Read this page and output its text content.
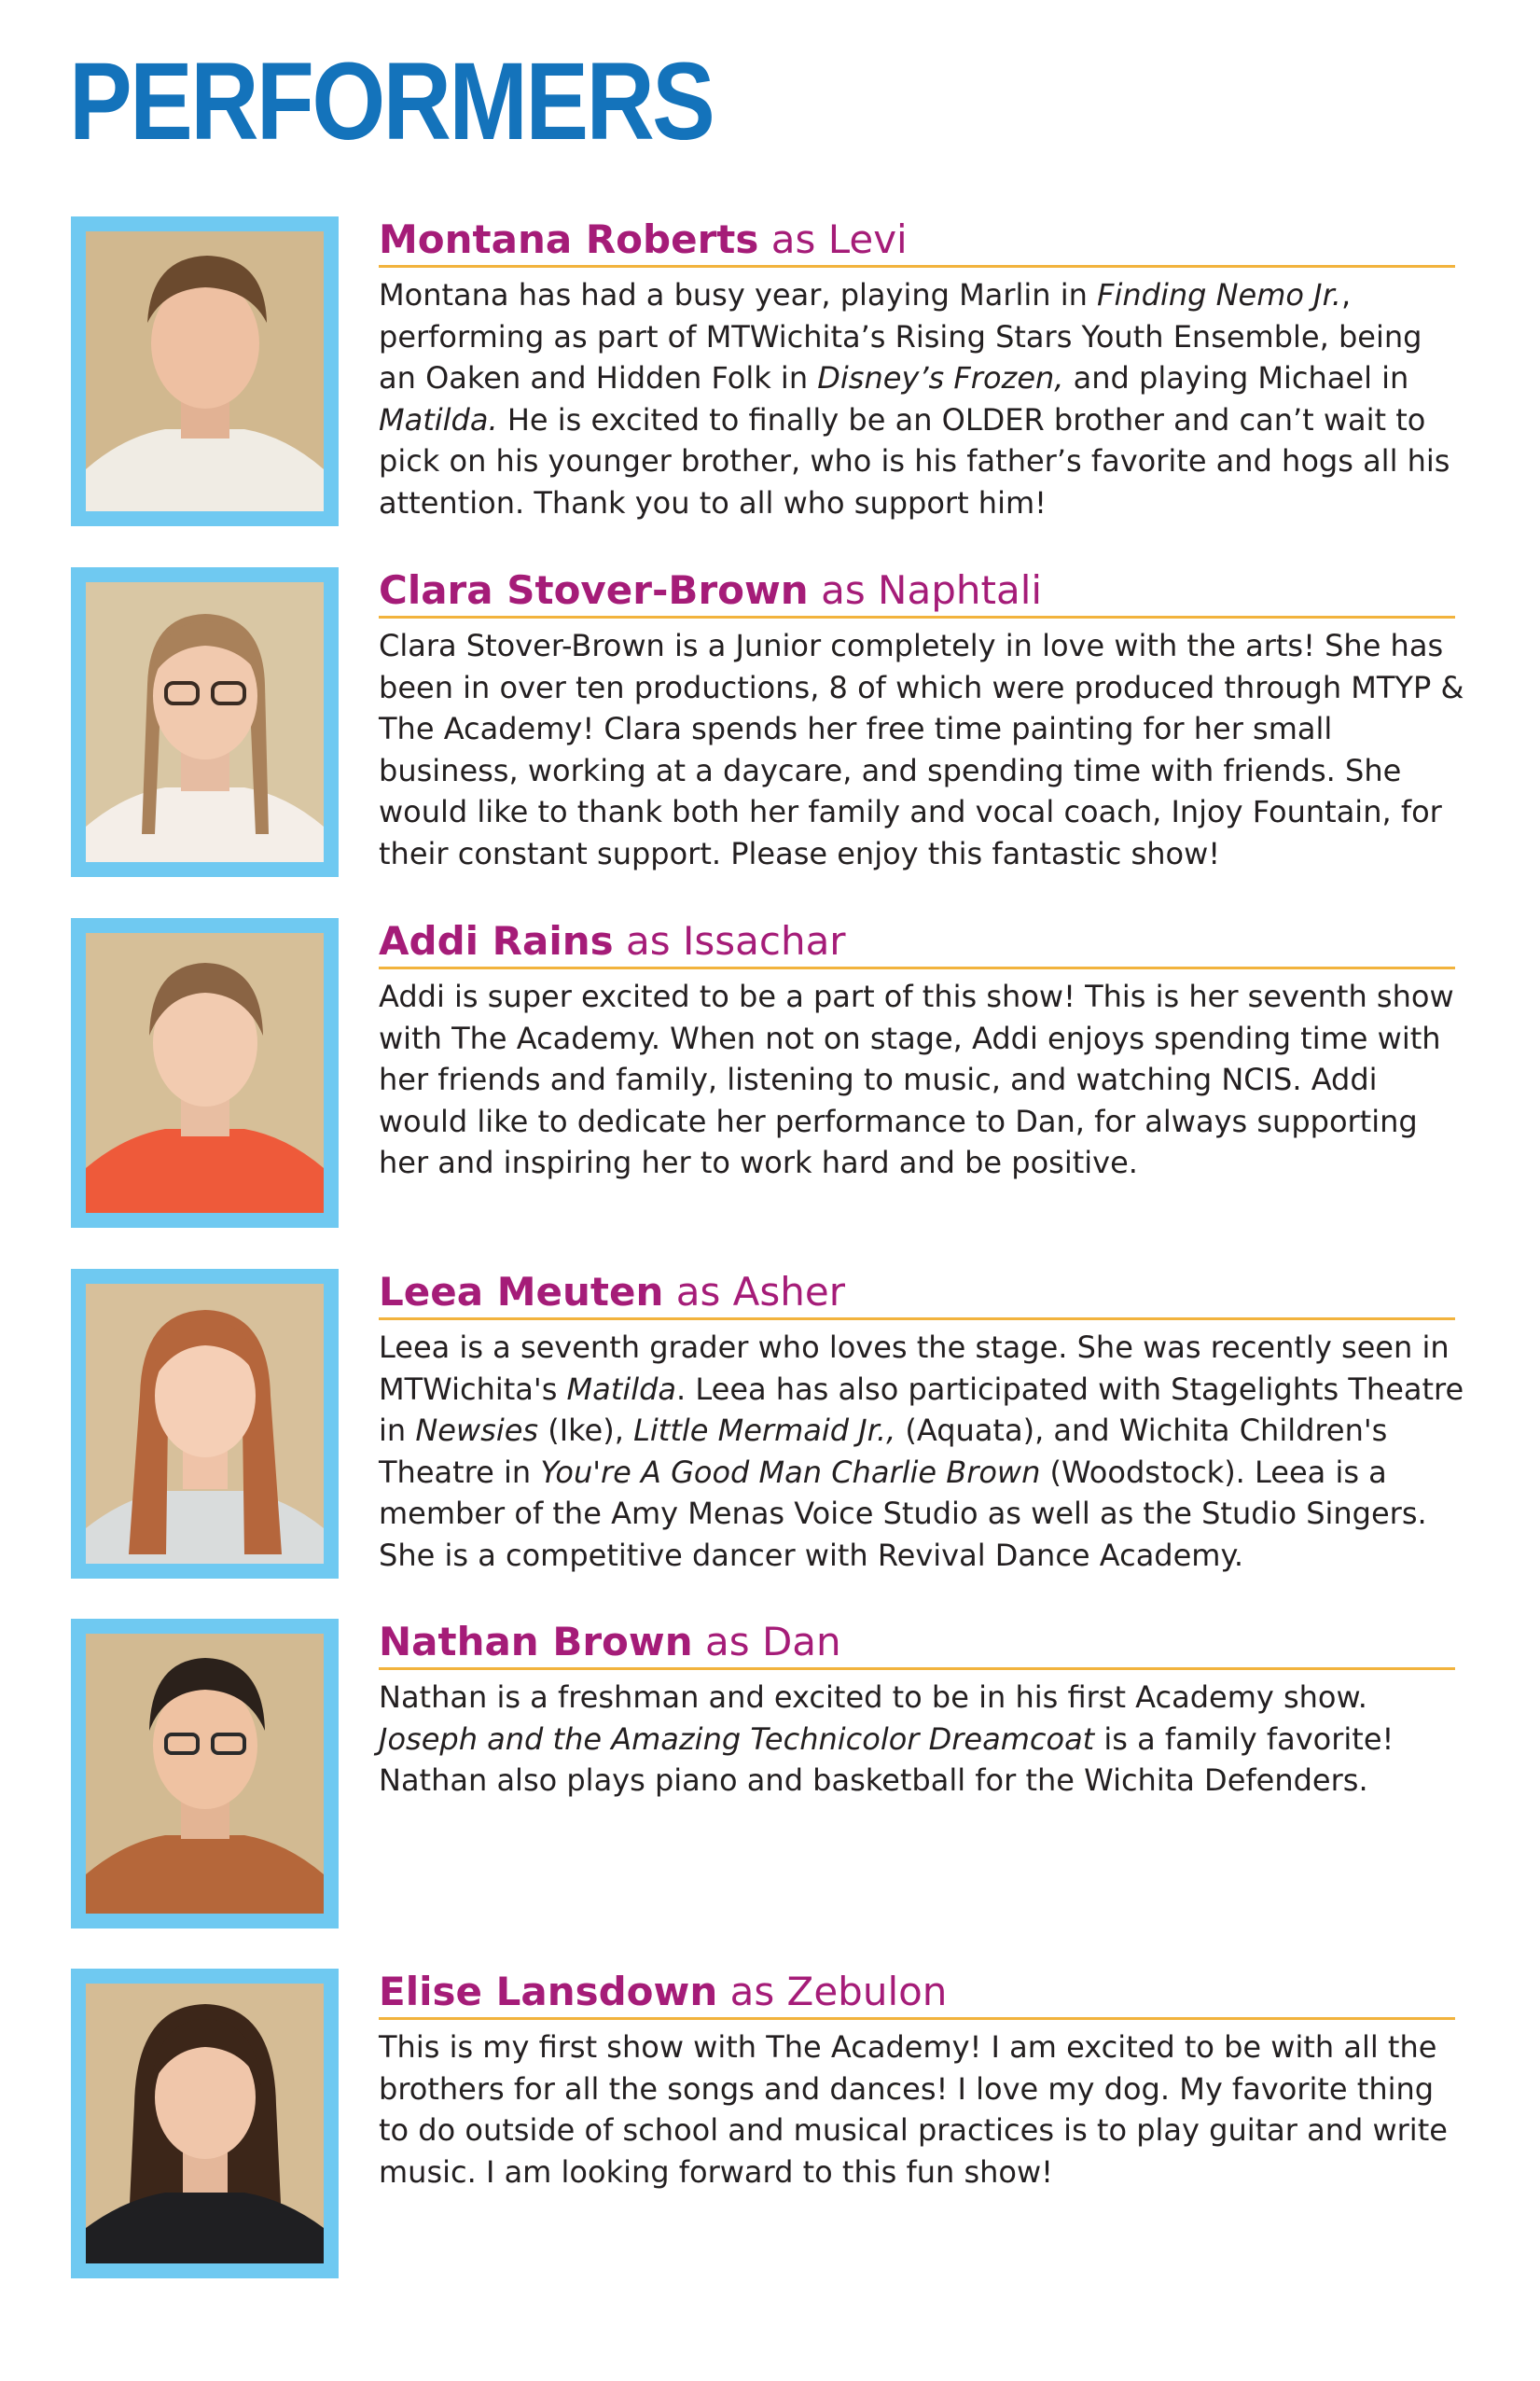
PERFORMERS
Montana Roberts as Levi

Montana has had a busy year, playing Marlin in Finding Nemo Jr., performing as part of MTWichita’s Rising Stars Youth Ensemble, being an Oaken and Hidden Folk in Disney’s Frozen, and playing Michael in Matilda. He is excited to finally be an OLDER brother and can’t wait to pick on his younger brother, who is his father’s favorite and hogs all his attention. Thank you to all who support him!

Clara Stover-Brown as Naphtali

Clara Stover-Brown is a Junior completely in love with the arts! She has been in over ten productions, 8 of which were produced through MTYP & The Academy! Clara spends her free time painting for her small business, working at a daycare, and spending time with friends. She would like to thank both her family and vocal coach, Injoy Fountain, for their constant support. Please enjoy this fantastic show!

Addi Rains as Issachar

Addi is super excited to be a part of this show! This is her seventh show with The Academy. When not on stage, Addi enjoys spending time with her friends and family, listening to music, and watching NCIS. Addi would like to dedicate her performance to Dan, for always supporting her and inspiring her to work hard and be positive.

Leea Meuten as Asher

Leea is a seventh grader who loves the stage. She was recently seen in MTWichita's Matilda. Leea has also participated with Stagelights Theatre in Newsies (Ike), Little Mermaid Jr., (Aquata), and Wichita Children's Theatre in You're A Good Man Charlie Brown (Woodstock). Leea is a member of the Amy Menas Voice Studio as well as the Studio Singers. She is a competitive dancer with Revival Dance Academy.

Nathan Brown as Dan

Nathan is a freshman and excited to be in his first Academy show. Joseph and the Amazing Technicolor Dreamcoat is a family favorite! Nathan also plays piano and basketball for the Wichita Defenders.

Elise Lansdown as Zebulon

This is my first show with The Academy! I am excited to be with all the brothers for all the songs and dances! I love my dog. My favorite thing to do outside of school and musical practices is to play guitar and write music. I am looking forward to this fun show!
